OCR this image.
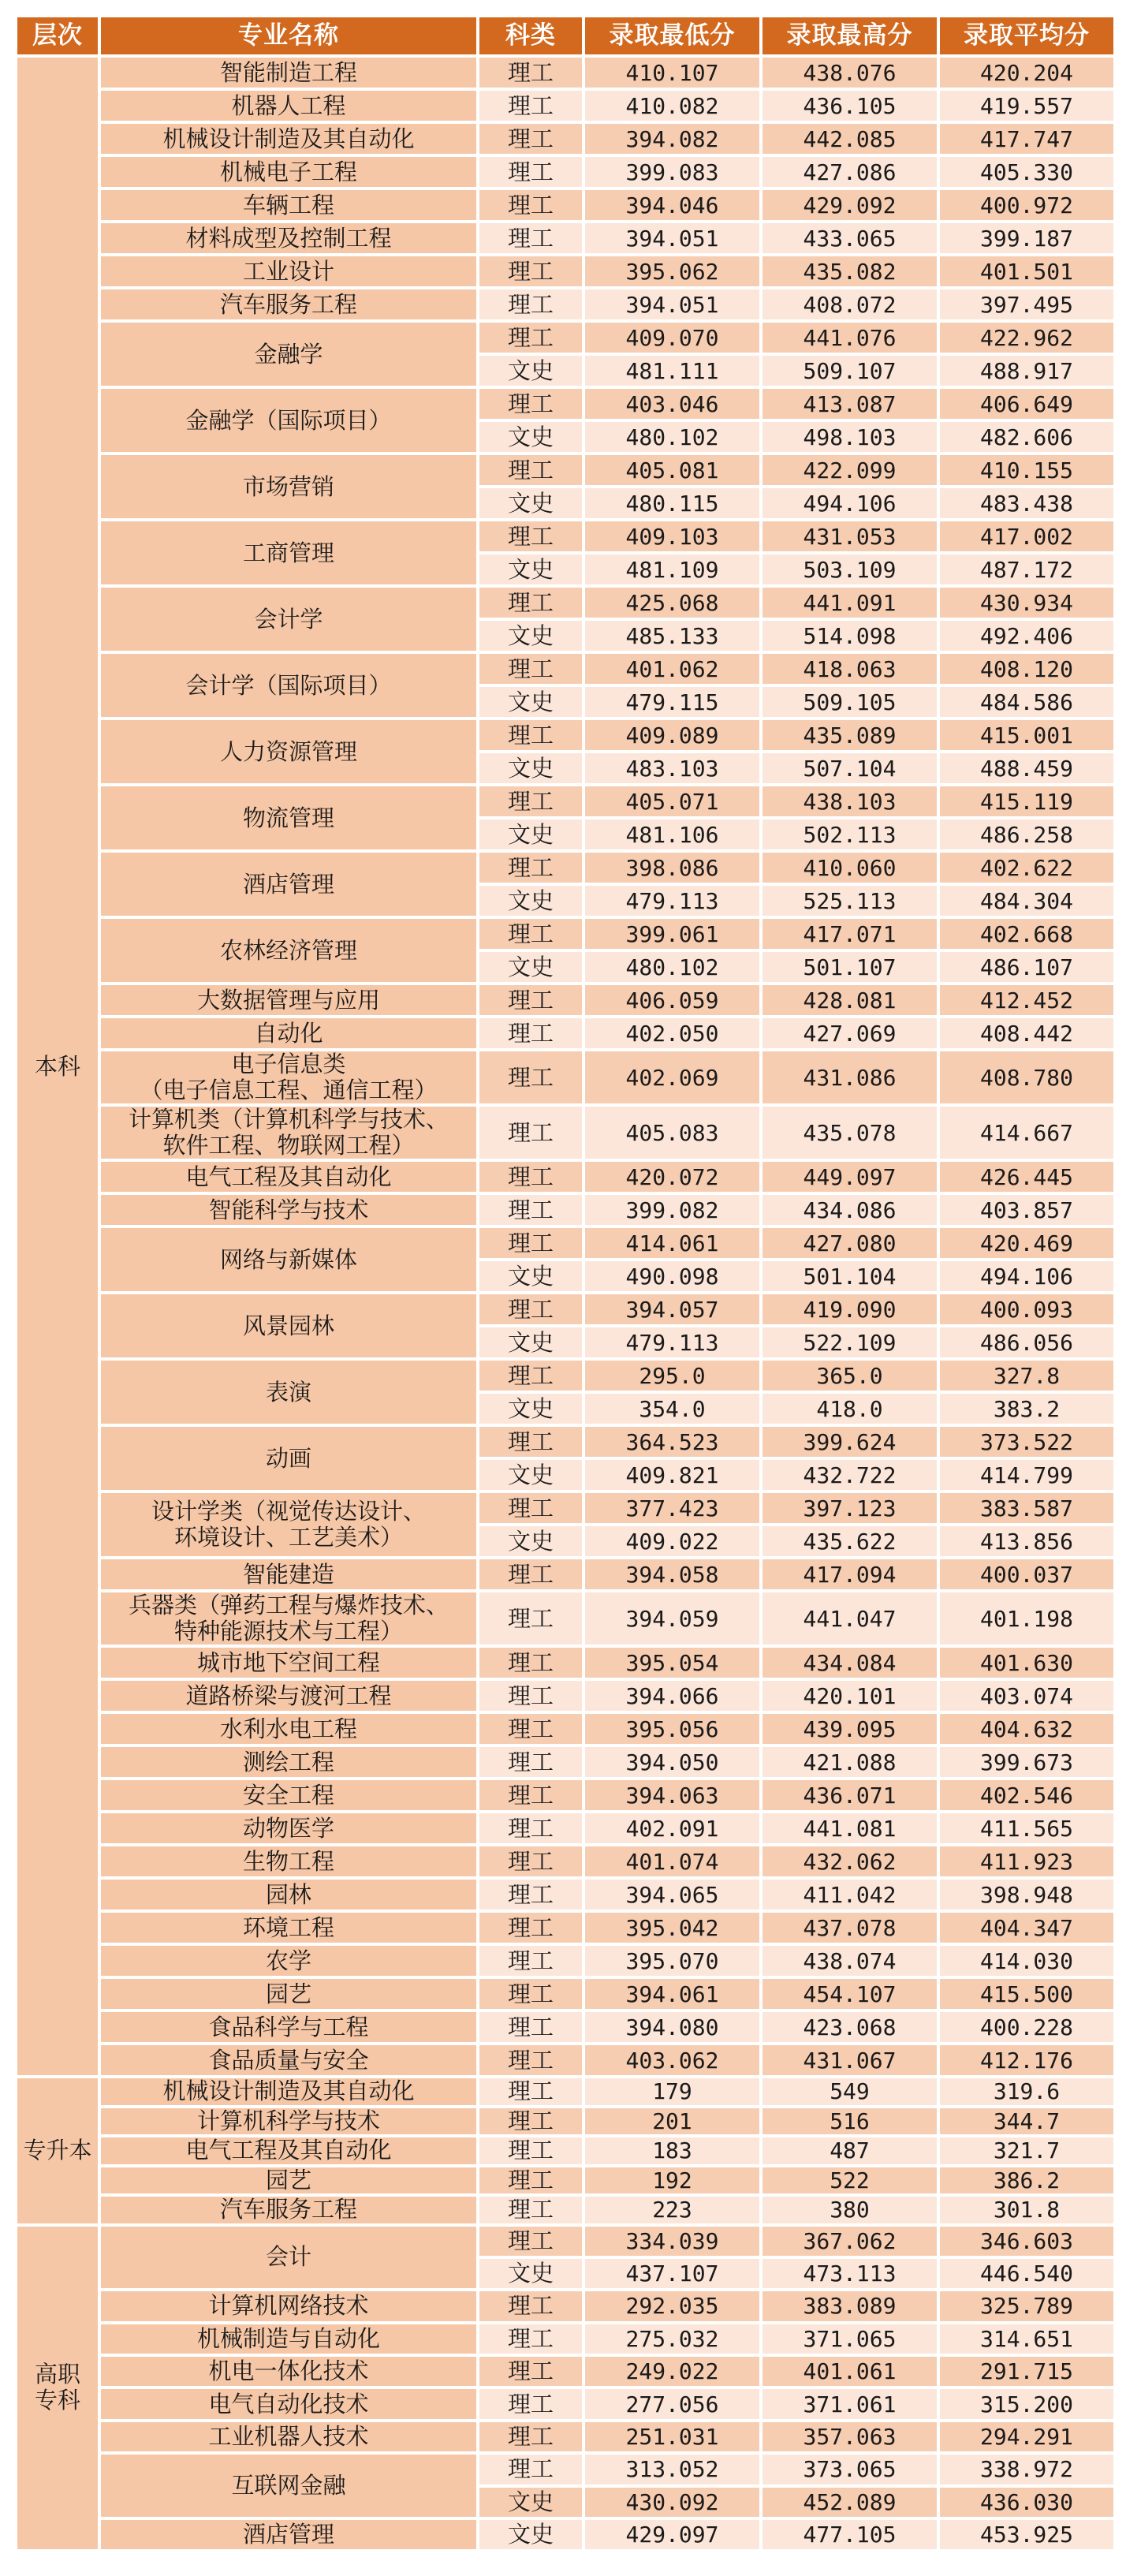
层次	专业名称	科类	录取最低分	录取最高分	录取平均分
本科	智能制造工程	理工	410.107	438.076	420.204
	机器人工程	理工	410.082	436.105	419.557
	机械设计制造及其自动化	理工	394.082	442.085	417.747
	机械电子工程	理工	399.083	427.086	405.330
	车辆工程	理工	394.046	429.092	400.972
	材料成型及控制工程	理工	394.051	433.065	399.187
	工业设计	理工	395.062	435.082	401.501
	汽车服务工程	理工	394.051	408.072	397.495
	金融学	理工	409.070	441.076	422.962
		文史	481.111	509.107	488.917
	金融学（国际项目）	理工	403.046	413.087	406.649
		文史	480.102	498.103	482.606
	市场营销	理工	405.081	422.099	410.155
		文史	480.115	494.106	483.438
	工商管理	理工	409.103	431.053	417.002
		文史	481.109	503.109	487.172
	会计学	理工	425.068	441.091	430.934
		文史	485.133	514.098	492.406
	会计学（国际项目）	理工	401.062	418.063	408.120
		文史	479.115	509.105	484.586
	人力资源管理	理工	409.089	435.089	415.001
		文史	483.103	507.104	488.459
	物流管理	理工	405.071	438.103	415.119
		文史	481.106	502.113	486.258
	酒店管理	理工	398.086	410.060	402.622
		文史	479.113	525.113	484.304
	农林经济管理	理工	399.061	417.071	402.668
		文史	480.102	501.107	486.107
	大数据管理与应用	理工	406.059	428.081	412.452
	自动化	理工	402.050	427.069	408.442
	电子信息类
（电子信息工程、通信工程）	理工	402.069	431.086	408.780
	计算机类（计算机科学与技术、
软件工程、物联网工程）	理工	405.083	435.078	414.667
	电气工程及其自动化	理工	420.072	449.097	426.445
	智能科学与技术	理工	399.082	434.086	403.857
	网络与新媒体	理工	414.061	427.080	420.469
		文史	490.098	501.104	494.106
	风景园林	理工	394.057	419.090	400.093
		文史	479.113	522.109	486.056
	表演	理工	295.0	365.0	327.8
		文史	354.0	418.0	383.2
	动画	理工	364.523	399.624	373.522
		文史	409.821	432.722	414.799
	设计学类（视觉传达设计、
环境设计、工艺美术）	理工	377.423	397.123	383.587
		文史	409.022	435.622	413.856
	智能建造	理工	394.058	417.094	400.037
	兵器类（弹药工程与爆炸技术、
特种能源技术与工程）	理工	394.059	441.047	401.198
	城市地下空间工程	理工	395.054	434.084	401.630
	道路桥梁与渡河工程	理工	394.066	420.101	403.074
	水利水电工程	理工	395.056	439.095	404.632
	测绘工程	理工	394.050	421.088	399.673
	安全工程	理工	394.063	436.071	402.546
	动物医学	理工	402.091	441.081	411.565
	生物工程	理工	401.074	432.062	411.923
	园林	理工	394.065	411.042	398.948
	环境工程	理工	395.042	437.078	404.347
	农学	理工	395.070	438.074	414.030
	园艺	理工	394.061	454.107	415.500
	食品科学与工程	理工	394.080	423.068	400.228
	食品质量与安全	理工	403.062	431.067	412.176
专升本	机械设计制造及其自动化	理工	179	549	319.6
	计算机科学与技术	理工	201	516	344.7
	电气工程及其自动化	理工	183	487	321.7
	园艺	理工	192	522	386.2
	汽车服务工程	理工	223	380	301.8
高职
专科	会计	理工	334.039	367.062	346.603
		文史	437.107	473.113	446.540
	计算机网络技术	理工	292.035	383.089	325.789
	机械制造与自动化	理工	275.032	371.065	314.651
	机电一体化技术	理工	249.022	401.061	291.715
	电气自动化技术	理工	277.056	371.061	315.200
	工业机器人技术	理工	251.031	357.063	294.291
	互联网金融	理工	313.052	373.065	338.972
		文史	430.092	452.089	436.030
	酒店管理	文史	429.097	477.105	453.925
